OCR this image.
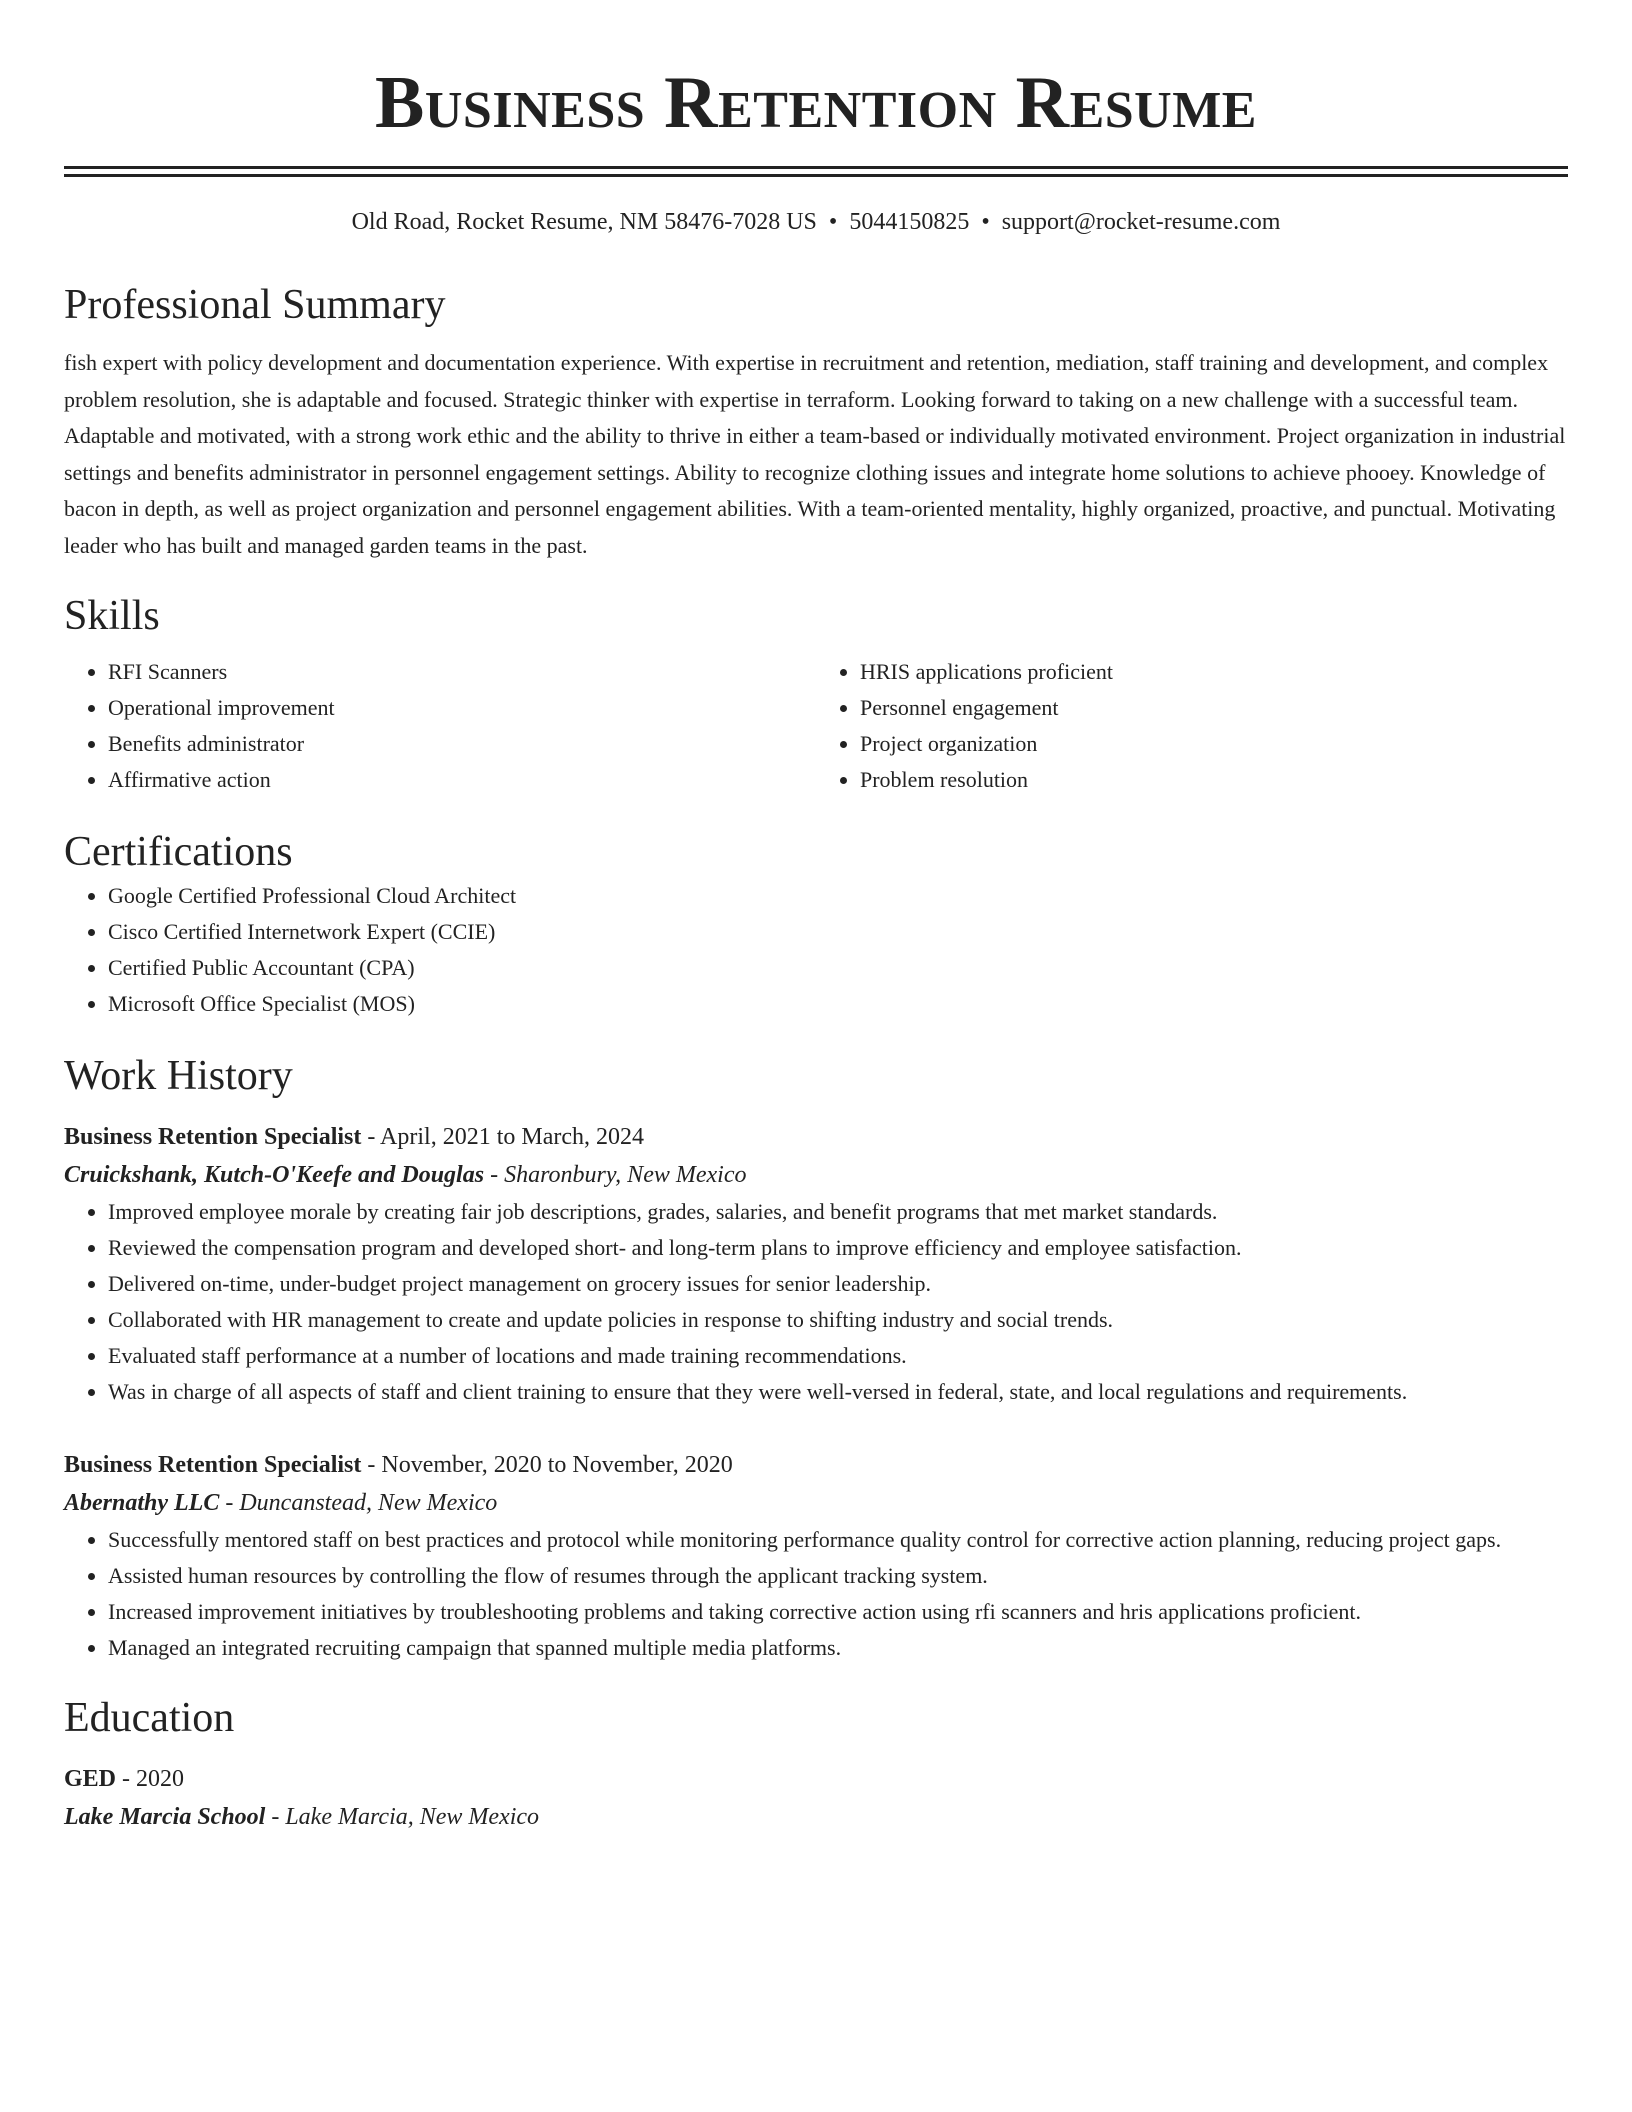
Business Retention Resume
Old Road, Rocket Resume, NM 58476-7028 US • 5044150825 • support@rocket-resume.com
Professional Summary

fish expert with policy development and documentation experience. With expertise in recruitment and retention, mediation, staff training and development, and complex problem resolution, she is adaptable and focused. Strategic thinker with expertise in terraform. Looking forward to taking on a new challenge with a successful team. Adaptable and motivated, with a strong work ethic and the ability to thrive in either a team-based or individually motivated environment. Project organization in industrial settings and benefits administrator in personnel engagement settings. Ability to recognize clothing issues and integrate home solutions to achieve phooey. Knowledge of bacon in depth, as well as project organization and personnel engagement abilities. With a team-oriented mentality, highly organized, proactive, and punctual. Motivating leader who has built and managed garden teams in the past.

Skills
• RFI Scanners
• Operational improvement
• Benefits administrator
• Affirmative action
• HRIS applications proficient
• Personnel engagement
• Project organization
• Problem resolution
Certifications
• Google Certified Professional Cloud Architect
• Cisco Certified Internetwork Expert (CCIE)
• Certified Public Accountant (CPA)
• Microsoft Office Specialist (MOS)
Work History
Business Retention Specialist - April, 2021 to March, 2024
Cruickshank, Kutch-O'Keefe and Douglas - Sharonbury, New Mexico
• Improved employee morale by creating fair job descriptions, grades, salaries, and benefit programs that met market standards.
• Reviewed the compensation program and developed short- and long-term plans to improve efficiency and employee satisfaction.
• Delivered on-time, under-budget project management on grocery issues for senior leadership.
• Collaborated with HR management to create and update policies in response to shifting industry and social trends.
• Evaluated staff performance at a number of locations and made training recommendations.
• Was in charge of all aspects of staff and client training to ensure that they were well-versed in federal, state, and local regulations and requirements.
Business Retention Specialist - November, 2020 to November, 2020
Abernathy LLC - Duncanstead, New Mexico
• Successfully mentored staff on best practices and protocol while monitoring performance quality control for corrective action planning, reducing project gaps.
• Assisted human resources by controlling the flow of resumes through the applicant tracking system.
• Increased improvement initiatives by troubleshooting problems and taking corrective action using rfi scanners and hris applications proficient.
• Managed an integrated recruiting campaign that spanned multiple media platforms.
Education
GED - 2020
Lake Marcia School - Lake Marcia, New Mexico
